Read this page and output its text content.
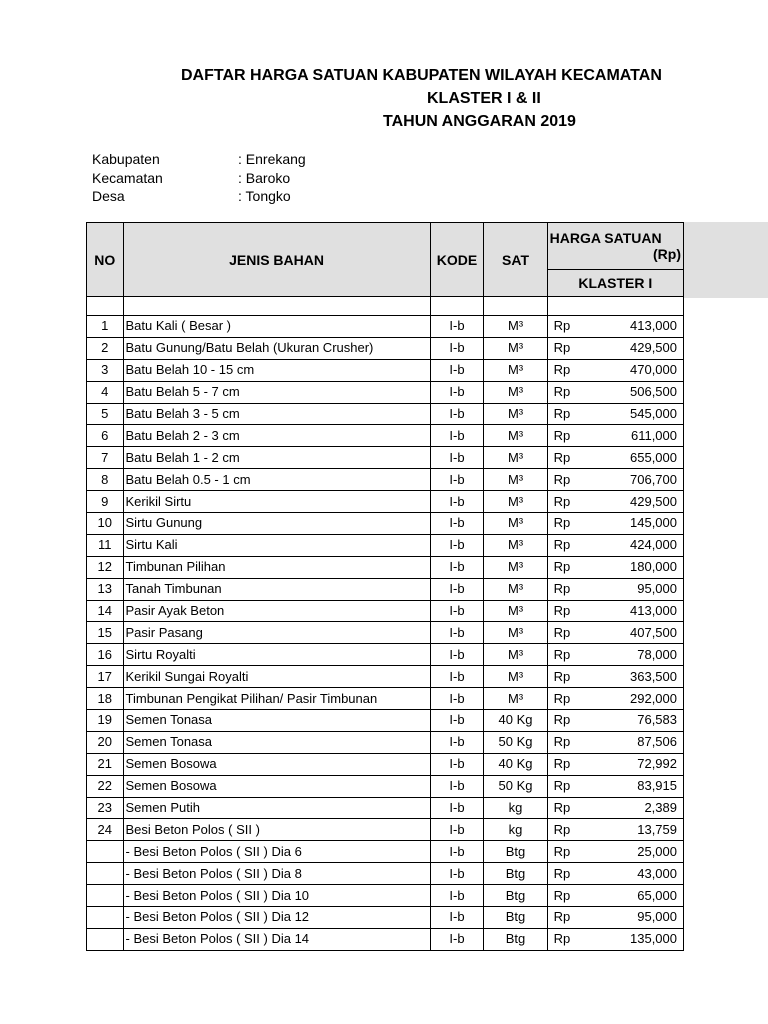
DAFTAR HARGA SATUAN KABUPATEN WILAYAH KECAMATAN
KLASTER I & II
TAHUN ANGGARAN 2019
Kabupaten	: Enrekang
Kecamatan	: Baroko
Desa	: Tongko
NO	JENIS BAHAN	KODE	SAT	HARGA SATUAN
(Rp)

				KLASTER I

1	Batu Kali ( Besar )	I-b	M³	Rp 413,000

2	Batu Gunung/Batu Belah (Ukuran Crusher)	I-b	M³	Rp 429,500

3	Batu Belah 10 - 15 cm	I-b	M³	Rp 470,000

4	Batu Belah 5 - 7 cm	I-b	M³	Rp 506,500

5	Batu Belah 3 - 5 cm	I-b	M³	Rp 545,000

6	Batu Belah 2 - 3 cm	I-b	M³	Rp 611,000

7	Batu Belah 1 - 2 cm	I-b	M³	Rp 655,000

8	Batu Belah 0.5 - 1 cm	I-b	M³	Rp 706,700

9	Kerikil Sirtu	I-b	M³	Rp 429,500

10	Sirtu Gunung	I-b	M³	Rp 145,000

11	Sirtu Kali	I-b	M³	Rp 424,000

12	Timbunan Pilihan	I-b	M³	Rp 180,000

13	Tanah Timbunan	I-b	M³	Rp 95,000

14	Pasir Ayak Beton	I-b	M³	Rp 413,000

15	Pasir Pasang	I-b	M³	Rp 407,500

16	Sirtu Royalti	I-b	M³	Rp 78,000

17	Kerikil Sungai Royalti	I-b	M³	Rp 363,500

18	Timbunan Pengikat Pilihan/ Pasir Timbunan	I-b	M³	Rp 292,000

19	Semen Tonasa	I-b	40 Kg	Rp 76,583

20	Semen Tonasa	I-b	50 Kg	Rp 87,506

21	Semen Bosowa	I-b	40 Kg	Rp 72,992

22	Semen Bosowa	I-b	50 Kg	Rp 83,915

23	Semen Putih	I-b	kg	Rp 2,389

24	Besi Beton Polos ( SII )	I-b	kg	Rp 13,759

	- Besi Beton Polos ( SII ) Dia 6	I-b	Btg	Rp 25,000

	- Besi Beton Polos ( SII ) Dia 8	I-b	Btg	Rp 43,000

	- Besi Beton Polos ( SII ) Dia 10	I-b	Btg	Rp 65,000

	- Besi Beton Polos ( SII ) Dia 12	I-b	Btg	Rp 95,000

	- Besi Beton Polos ( SII ) Dia 14	I-b	Btg	Rp 135,000
